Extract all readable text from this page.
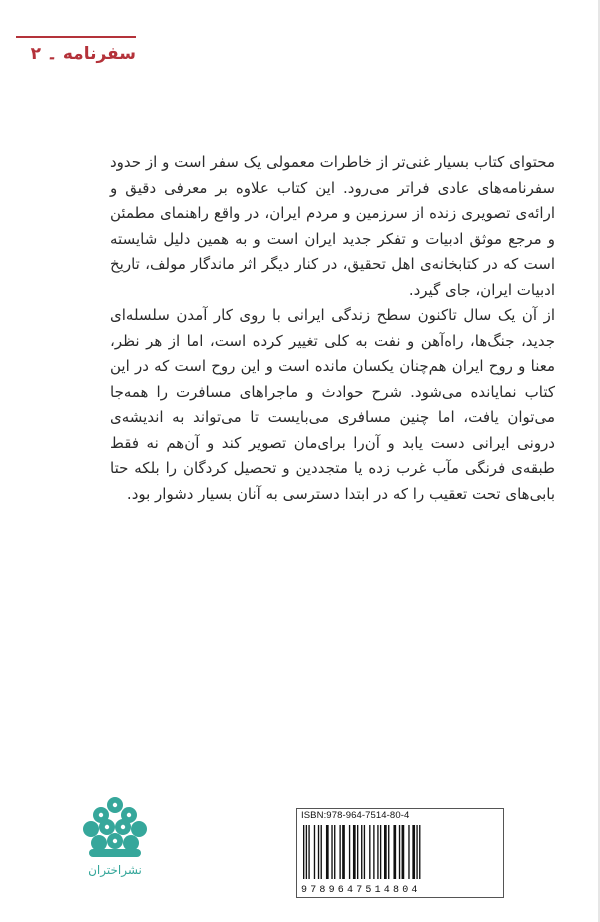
سفرنامه ۔ ۲

محتوای کتاب بسیار غنی‌تر از خاطرات معمولی یک سفر است و از حدود سفرنامه‌های عادی فراتر می‌رود. این کتاب علاوه بر معرفی دقیق و ارائه‌ی تصویری زنده از سرزمین و مردم ایران، در واقع راهنمای مطمئن و مرجع موثق ادبیات و تفکر جدید ایران است و به همین دلیل شایسته است که در کتابخانه‌ی اهل تحقیق، در کنار دیگر اثر ماندگار مولف، تاریخ ادبیات ایران، جای گیرد.

از آن یک سال تاکنون سطح زندگی ایرانی با روی کار آمدن سلسله‌ای جدید، جنگ‌ها، راه‌آهن و نفت به کلی تغییر کرده است، اما از هر نظر، معنا و روح ایران هم‌چنان یکسان مانده است و این روح است که در این کتاب نمایانده می‌شود. شرح حوادث و ماجراهای مسافرت را همه‌جا می‌توان یافت، اما چنین مسافری می‌بایست تا می‌تواند به اندیشه‌ی درونی ایرانی دست یابد و آن‌را برای‌مان تصویر کند و آن‌هم نه فقط طبقه‌ی فرنگی مآب غرب زده یا متجددین و تحصیل کردگان را بلکه حتا بابی‌های تحت تعقیب را که در ابتدا دسترسی به آنان بسیار دشوار بود.

نشراختران
ISBN:978-964-7514-80-4
9789647514804
